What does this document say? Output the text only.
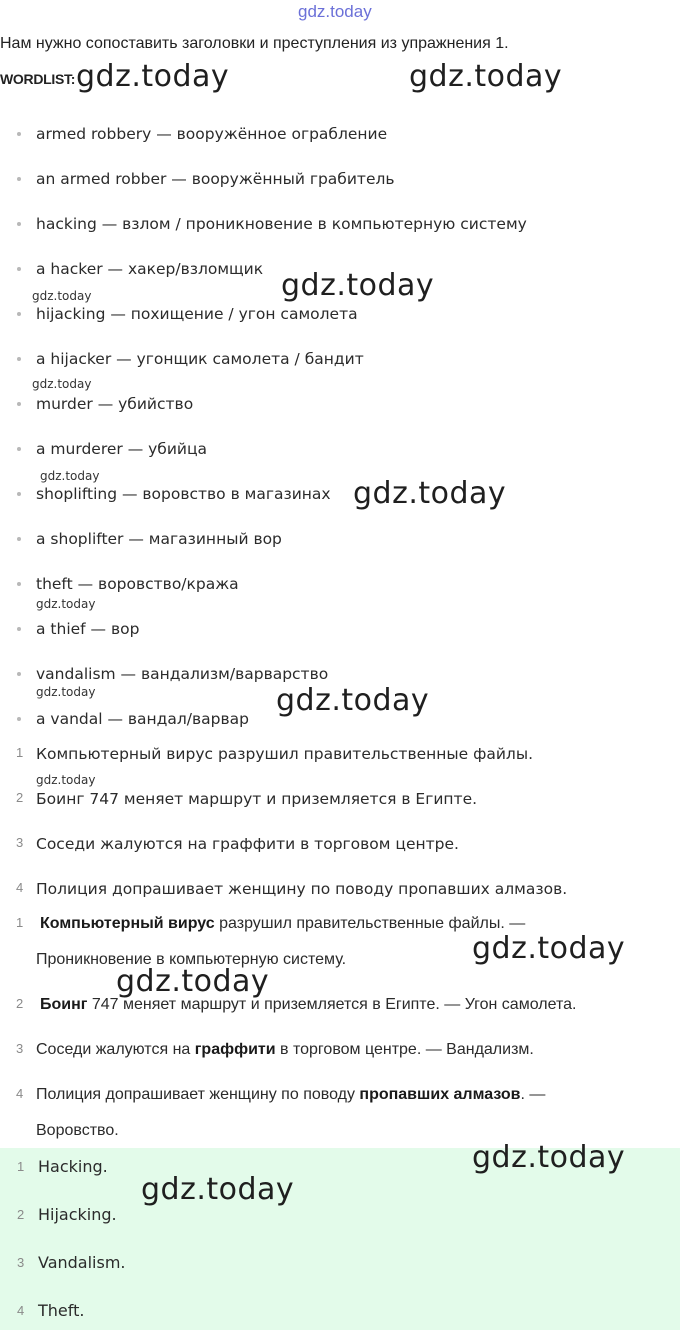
gdz.today
Нам нужно сопоставить заголовки и преступления из упражнения 1.
WORDLIST:
armed robbery — вооружённое ограбление
an armed robber — вооружённый грабитель
hacking — взлом / проникновение в компьютерную систему
a hacker — хакер/взломщик
hijacking — похищение / угон самолета
a hijacker — угонщик самолета / бандит
murder — убийство
a murderer — убийца
shoplifting — воровство в магазинах
a shoplifter — магазинный вор
theft — воровство/кража
a thief — вор
vandalism — вандализм/варварство
a vandal — вандал/варвар
1 Компьютерный вирус разрушил правительственные файлы.
2 Боинг 747 меняет маршрут и приземляется в Египте.
3 Соседи жалуются на граффити в торговом центре.
4 Полиция допрашивает женщину по поводу пропавших алмазов.
1 Компьютерный вирус разрушил правительственные файлы. —
Проникновение в компьютерную систему.
2 Боинг 747 меняет маршрут и приземляется в Египте. — Угон самолета.
3 Соседи жалуются на граффити в торговом центре. — Вандализм.
4 Полиция допрашивает женщину по поводу пропавших алмазов. —
Воровство.
1 Hacking.
2 Hijacking.
3 Vandalism.
4 Theft.
gdz.today	gdz.today
gdz.today
gdz.today
gdz.today
gdz.today
gdz.today
gdz.today
gdz.today
gdz.today
gdz.today
gdz.today
gdz.today
gdz.today
gdz.today
